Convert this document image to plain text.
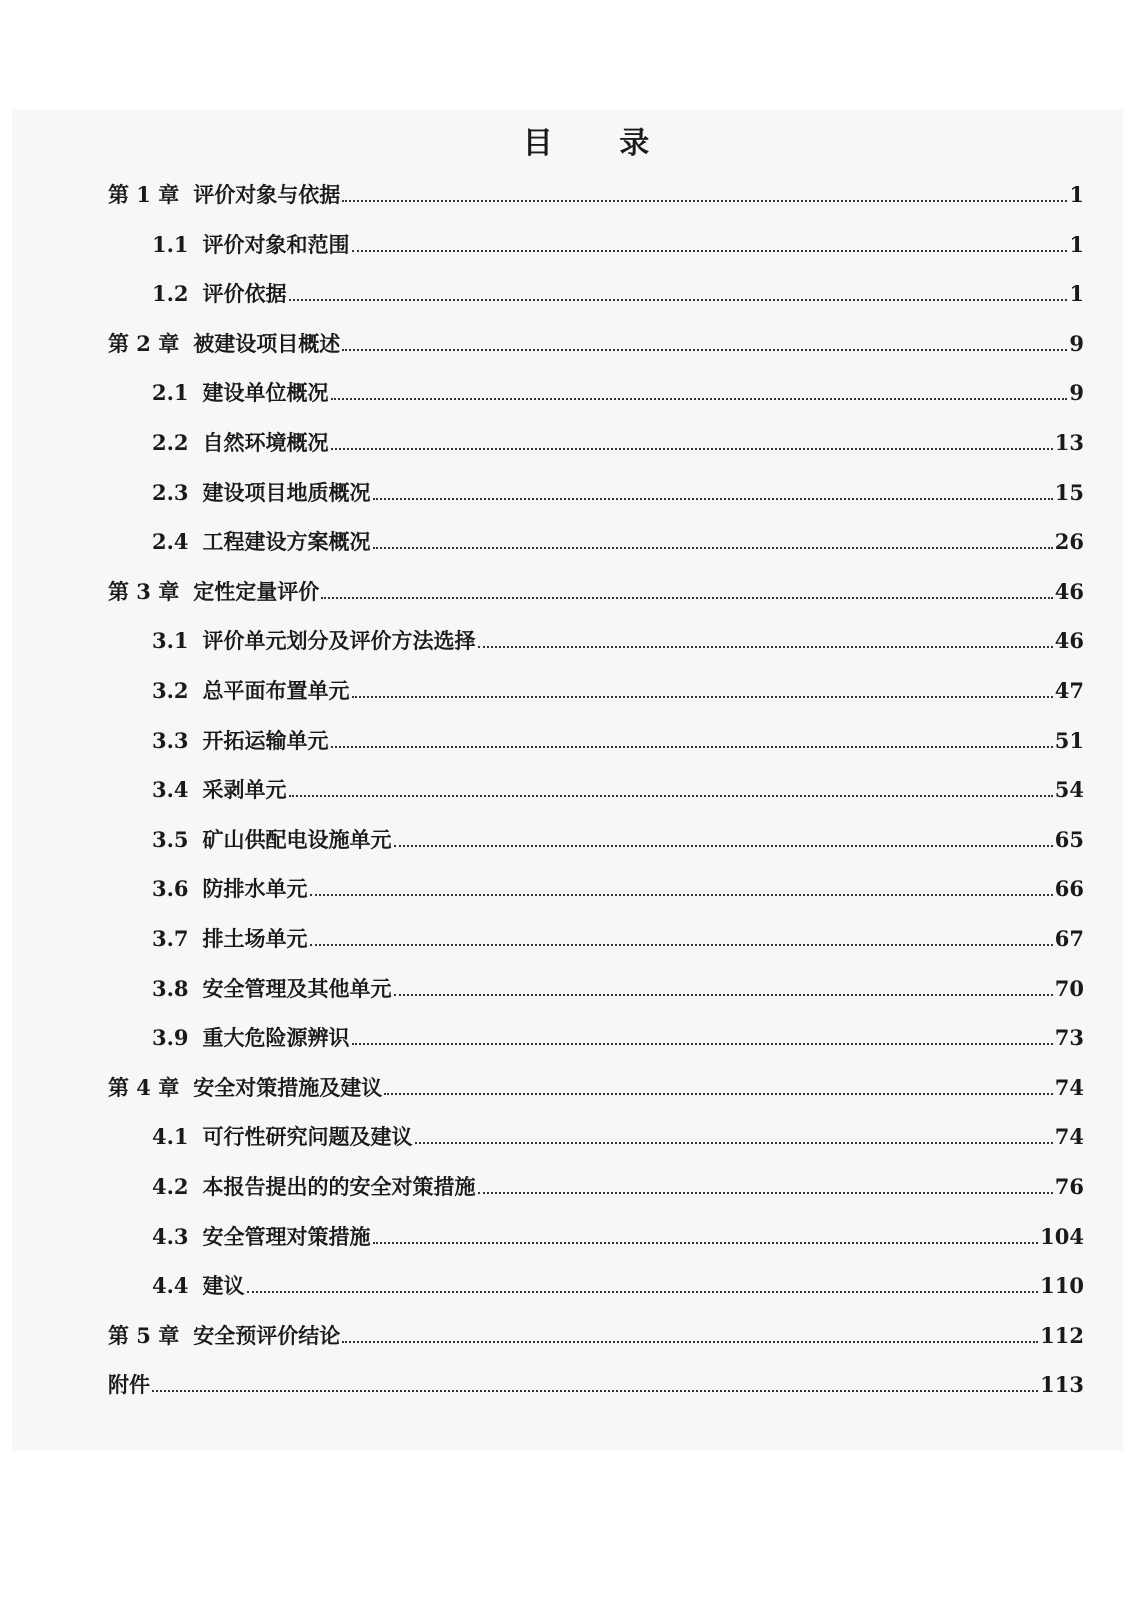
目 录
第 1 章 评价对象与依据	1
1.1 评价对象和范围	1
1.2 评价依据	1
第 2 章 被建设项目概述	9
2.1 建设单位概况	9
2.2 自然环境概况	13
2.3 建设项目地质概况	15
2.4 工程建设方案概况	26
第 3 章 定性定量评价	46
3.1 评价单元划分及评价方法选择	46
3.2 总平面布置单元	47
3.3 开拓运输单元	51
3.4 采剥单元	54
3.5 矿山供配电设施单元	65
3.6 防排水单元	66
3.7 排土场单元	67
3.8 安全管理及其他单元	70
3.9 重大危险源辨识	73
第 4 章 安全对策措施及建议	74
4.1 可行性研究问题及建议	74
4.2 本报告提出的的安全对策措施	76
4.3 安全管理对策措施	104
4.4 建议	110
第 5 章 安全预评价结论	112
附件	113
